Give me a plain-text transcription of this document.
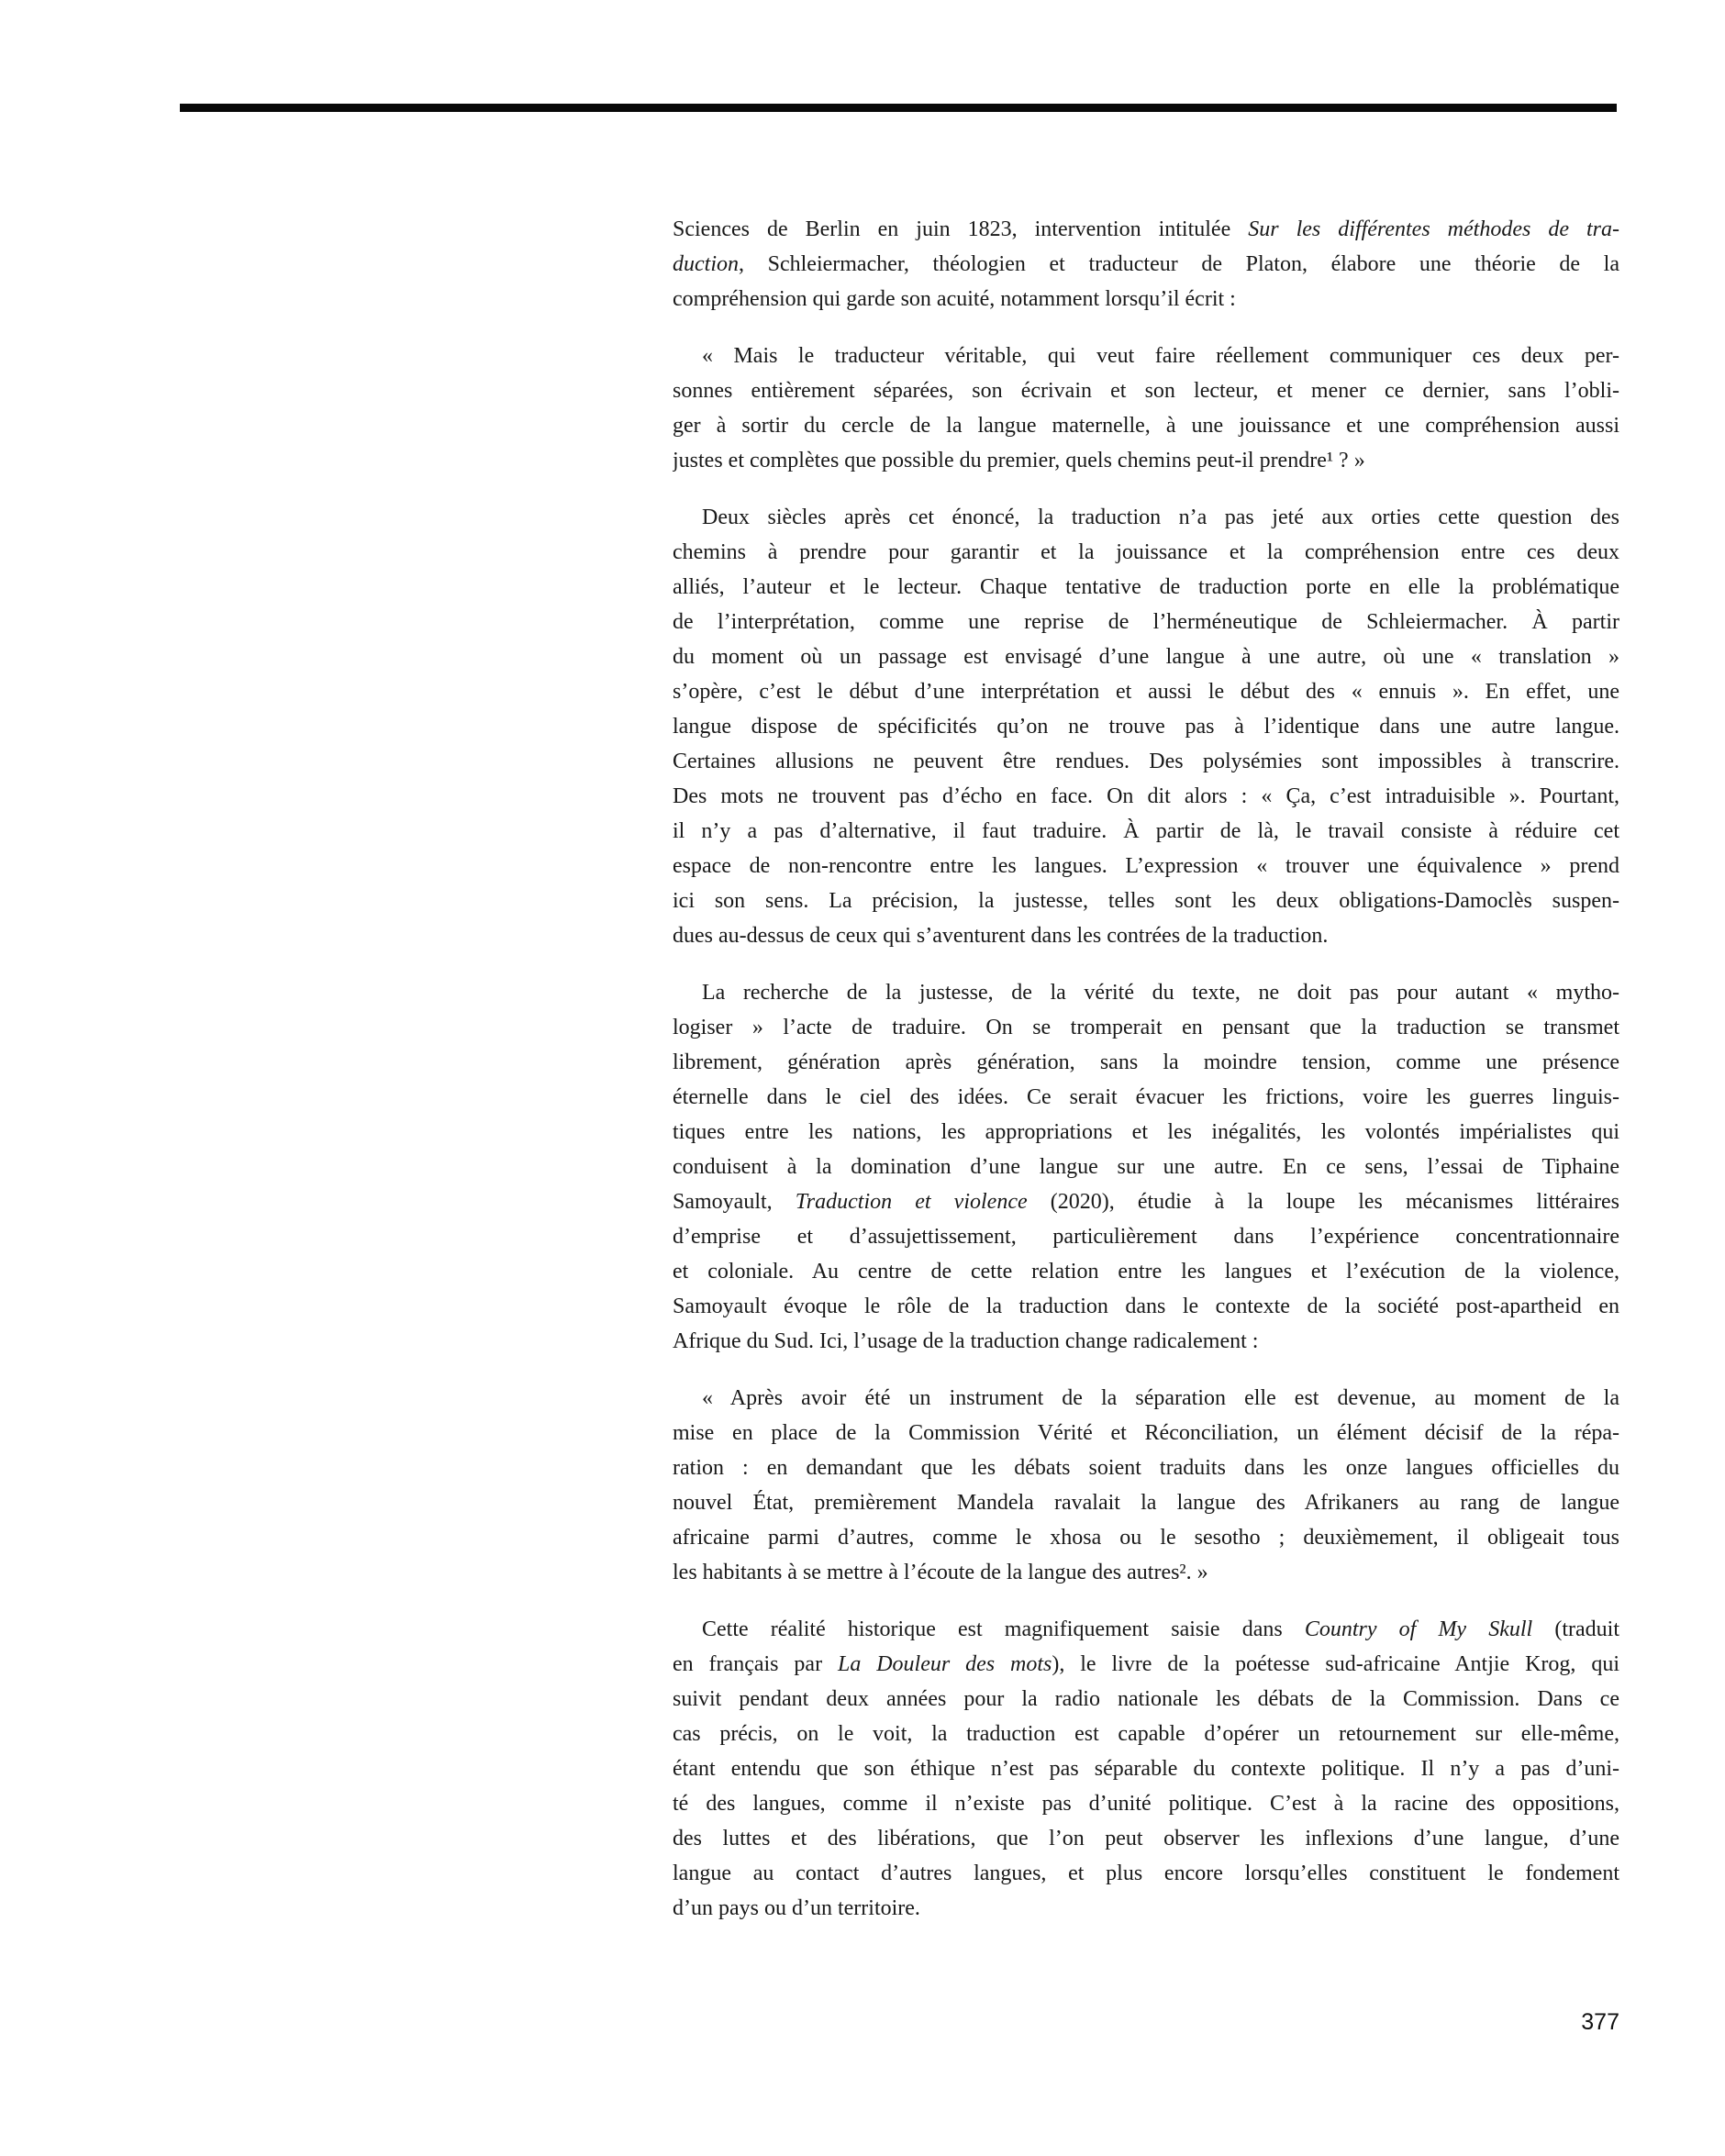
Sciences de Berlin en juin 1823, intervention intitulée Sur les différentes méthodes de tra-
duction, Schleiermacher, théologien et traducteur de Platon, élabore une théorie de la
compréhension qui garde son acuité, notamment lorsqu’il écrit :
« Mais le traducteur véritable, qui veut faire réellement communiquer ces deux per-
sonnes entièrement séparées, son écrivain et son lecteur, et mener ce dernier, sans l’obli-
ger à sortir du cercle de la langue maternelle, à une jouissance et une compréhension aussi
justes et complètes que possible du premier, quels chemins peut-il prendre¹ ? »
Deux siècles après cet énoncé, la traduction n’a pas jeté aux orties cette question des
chemins à prendre pour garantir et la jouissance et la compréhension entre ces deux
alliés, l’auteur et le lecteur. Chaque tentative de traduction porte en elle la problématique
de l’interprétation, comme une reprise de l’herméneutique de Schleiermacher. À partir
du moment où un passage est envisagé d’une langue à une autre, où une « translation »
s’opère, c’est le début d’une interprétation et aussi le début des « ennuis ». En effet, une
langue dispose de spécificités qu’on ne trouve pas à l’identique dans une autre langue.
Certaines allusions ne peuvent être rendues. Des polysémies sont impossibles à transcrire.
Des mots ne trouvent pas d’écho en face. On dit alors : « Ça, c’est intraduisible ». Pourtant,
il n’y a pas d’alternative, il faut traduire. À partir de là, le travail consiste à réduire cet
espace de non-rencontre entre les langues. L’expression « trouver une équivalence » prend
ici son sens. La précision, la justesse, telles sont les deux obligations-Damoclès suspen-
dues au-dessus de ceux qui s’aventurent dans les contrées de la traduction.
La recherche de la justesse, de la vérité du texte, ne doit pas pour autant « mytho-
logiser » l’acte de traduire. On se tromperait en pensant que la traduction se transmet
librement, génération après génération, sans la moindre tension, comme une présence
éternelle dans le ciel des idées. Ce serait évacuer les frictions, voire les guerres linguis-
tiques entre les nations, les appropriations et les inégalités, les volontés impérialistes qui
conduisent à la domination d’une langue sur une autre. En ce sens, l’essai de Tiphaine
Samoyault, Traduction et violence (2020), étudie à la loupe les mécanismes littéraires
d’emprise et d’assujettissement, particulièrement dans l’expérience concentrationnaire
et coloniale. Au centre de cette relation entre les langues et l’exécution de la violence,
Samoyault évoque le rôle de la traduction dans le contexte de la société post-apartheid en
Afrique du Sud. Ici, l’usage de la traduction change radicalement :
« Après avoir été un instrument de la séparation elle est devenue, au moment de la
mise en place de la Commission Vérité et Réconciliation, un élément décisif de la répa-
ration : en demandant que les débats soient traduits dans les onze langues officielles du
nouvel État, premièrement Mandela ravalait la langue des Afrikaners au rang de langue
africaine parmi d’autres, comme le xhosa ou le sesotho ; deuxièmement, il obligeait tous
les habitants à se mettre à l’écoute de la langue des autres². »
Cette réalité historique est magnifiquement saisie dans Country of My Skull (traduit
en français par La Douleur des mots), le livre de la poétesse sud-africaine Antjie Krog, qui
suivit pendant deux années pour la radio nationale les débats de la Commission. Dans ce
cas précis, on le voit, la traduction est capable d’opérer un retournement sur elle-même,
étant entendu que son éthique n’est pas séparable du contexte politique. Il n’y a pas d’uni-
té des langues, comme il n’existe pas d’unité politique. C’est à la racine des oppositions,
des luttes et des libérations, que l’on peut observer les inflexions d’une langue, d’une
langue au contact d’autres langues, et plus encore lorsqu’elles constituent le fondement
d’un pays ou d’un territoire.
377
